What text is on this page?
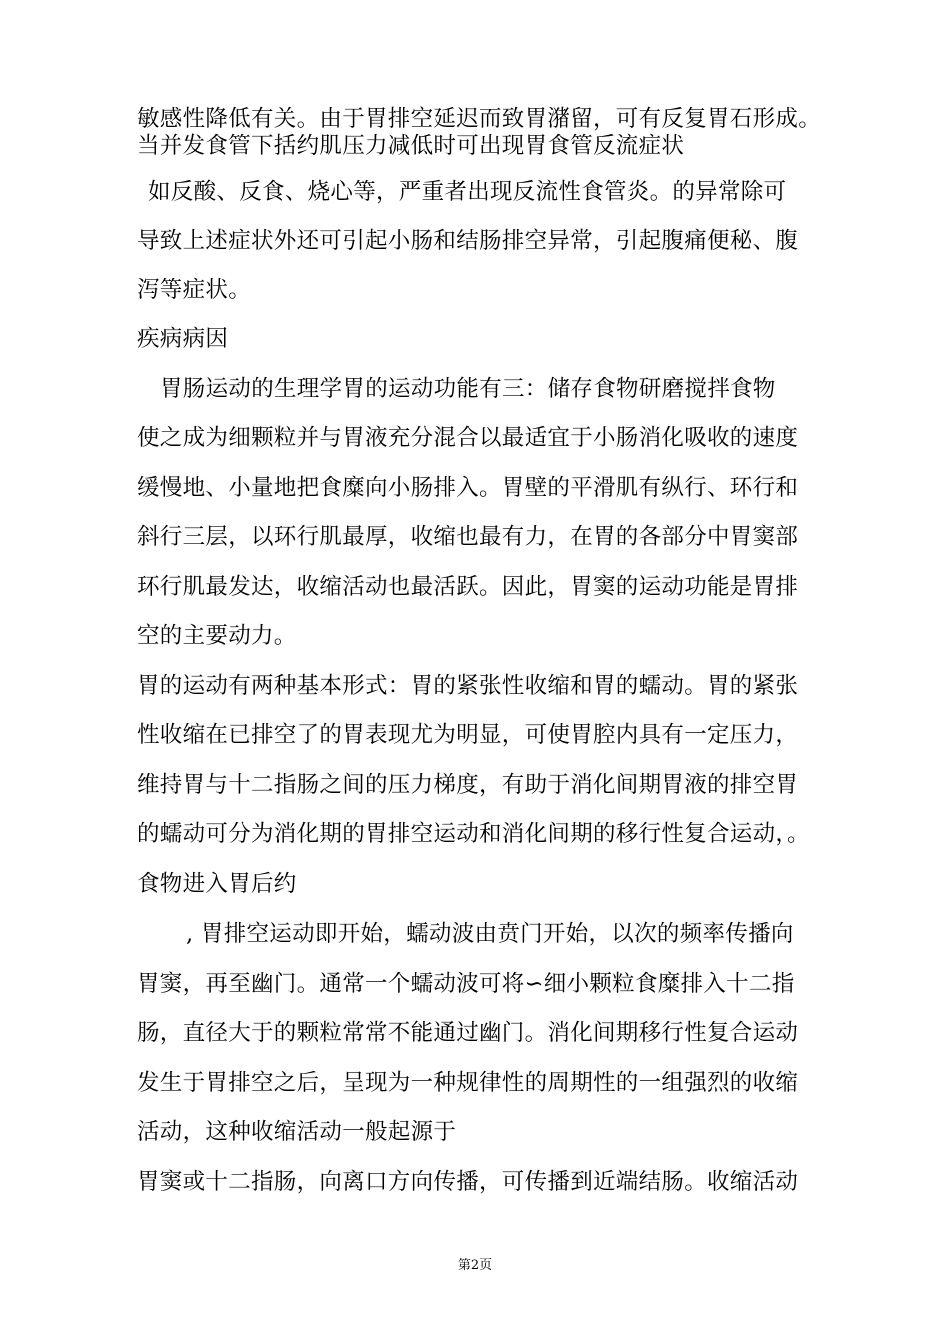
敏感性降低有关。由于胃排空延迟而致胃潴留，可有反复胃石形成。
当并发食管下括约肌压力减低时可出现胃食管反流症状
如反酸、反食、烧心等，严重者出现反流性食管炎。的异常除可
导致上述症状外还可引起小肠和结肠排空异常，引起腹痛便秘、腹
泻等症状。
疾病病因
胃肠运动的生理学胃的运动功能有三：储存食物研磨搅拌食物
使之成为细颗粒并与胃液充分混合以最适宜于小肠消化吸收的速度
缓慢地、小量地把食糜向小肠排入。胃壁的平滑肌有纵行、环行和
斜行三层，以环行肌最厚，收缩也最有力，在胃的各部分中胃窦部
环行肌最发达，收缩活动也最活跃。因此，胃窦的运动功能是胃排
空的主要动力。
胃的运动有两种基本形式：胃的紧张性收缩和胃的蠕动。胃的紧张
性收缩在已排空了的胃表现尤为明显，可使胃腔内具有一定压力，
维持胃与十二指肠之间的压力梯度，有助于消化间期胃液的排空胃
的蠕动可分为消化期的胃排空运动和消化间期的移行性复合运动，。
食物进入胃后约
, 胃排空运动即开始，蠕动波由贲门开始，以次的频率传播向
胃窦，再至幽门。通常一个蠕动波可将∽细小颗粒食糜排入十二指
肠，直径大于的颗粒常常不能通过幽门。消化间期移行性复合运动
发生于胃排空之后，呈现为一种规律性的周期性的一组强烈的收缩
活动，这种收缩活动一般起源于
胃窦或十二指肠，向离口方向传播，可传播到近端结肠。收缩活动
第2页
